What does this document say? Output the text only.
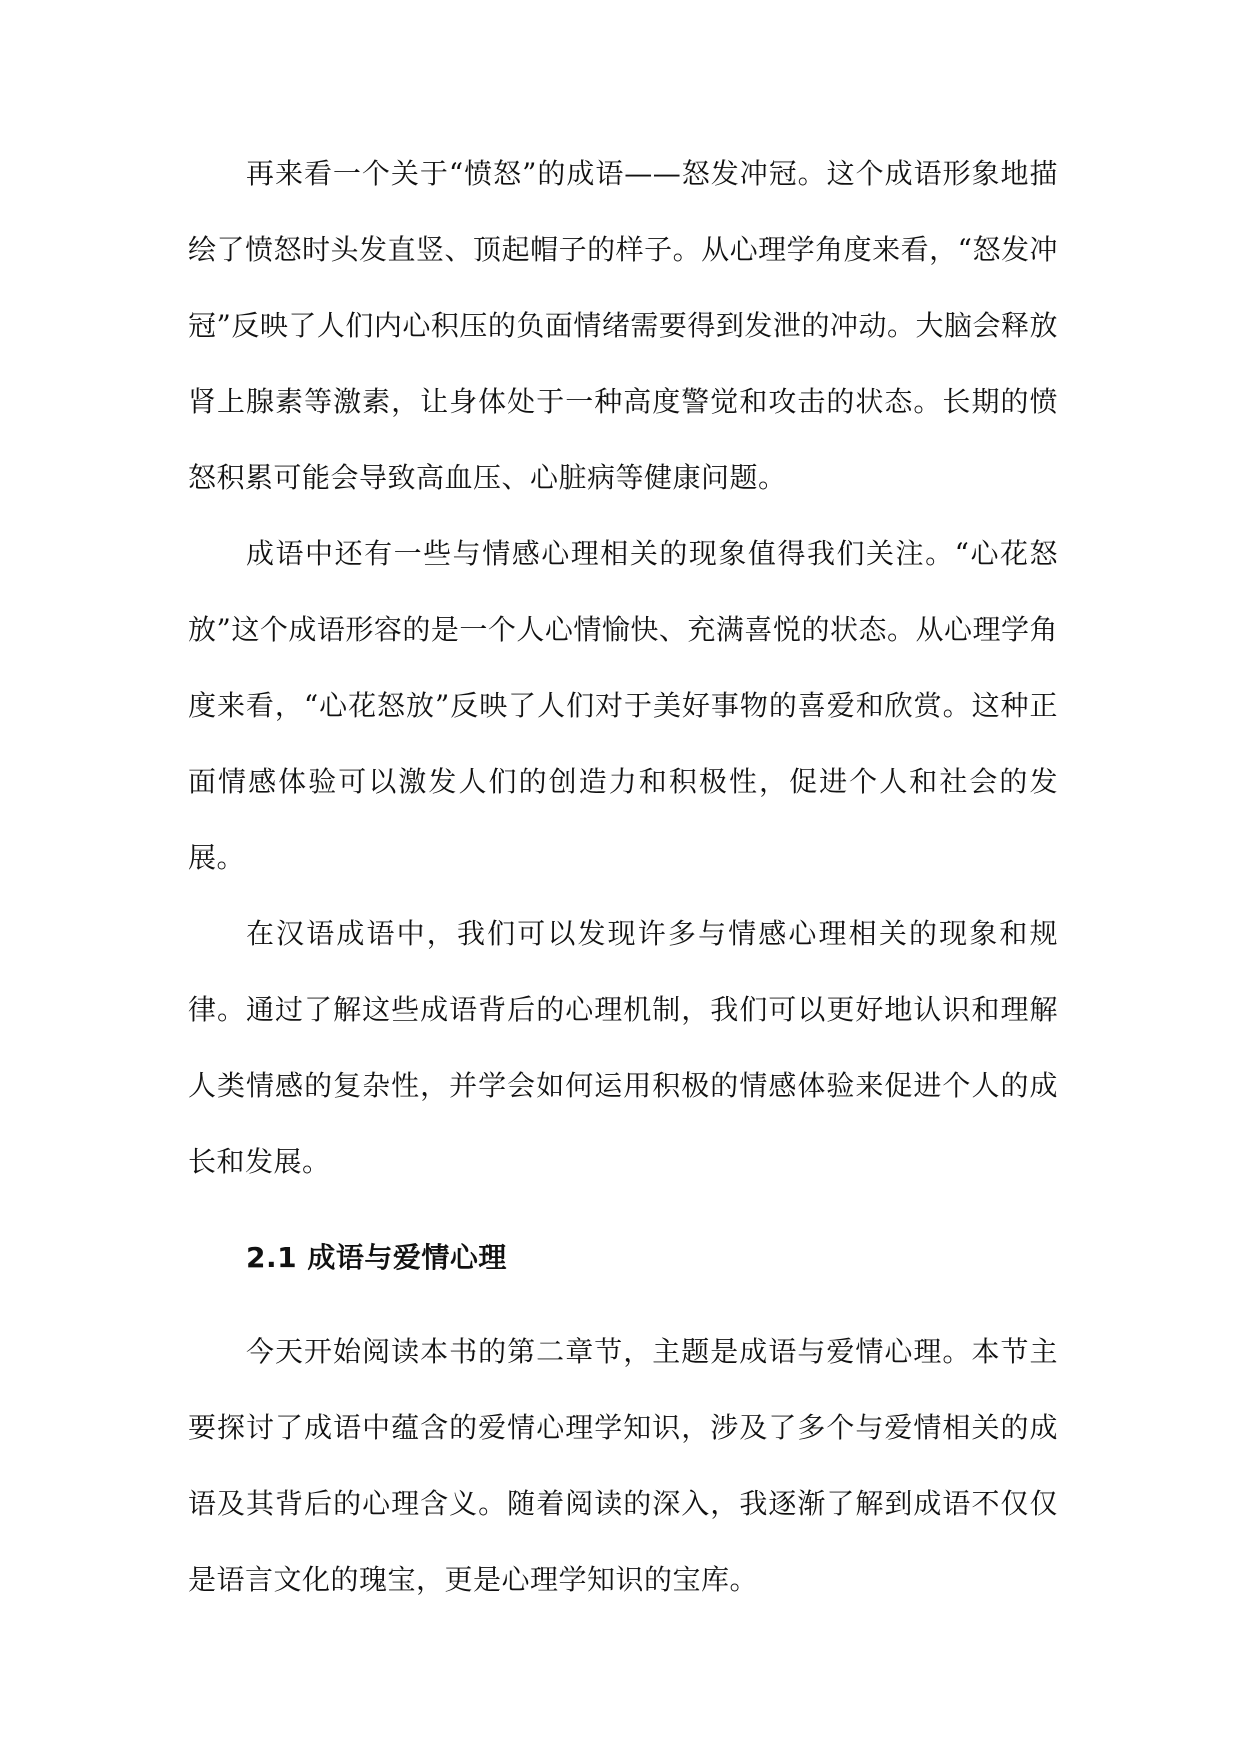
再来看一个关于“愤怒”的成语——怒发冲冠。这个成语形象地描绘了愤怒时头发直竖、顶起帽子的样子。从心理学角度来看，“怒发冲冠”反映了人们内心积压的负面情绪需要得到发泄的冲动。大脑会释放肾上腺素等激素，让身体处于一种高度警觉和攻击的状态。长期的愤怒积累可能会导致高血压、心脏病等健康问题。

成语中还有一些与情感心理相关的现象值得我们关注。“心花怒放”这个成语形容的是一个人心情愉快、充满喜悦的状态。从心理学角度来看，“心花怒放”反映了人们对于美好事物的喜爱和欣赏。这种正面情感体验可以激发人们的创造力和积极性，促进个人和社会的发展。

在汉语成语中，我们可以发现许多与情感心理相关的现象和规律。通过了解这些成语背后的心理机制，我们可以更好地认识和理解人类情感的复杂性，并学会如何运用积极的情感体验来促进个人的成长和发展。

2.1 成语与爱情心理

今天开始阅读本书的第二章节，主题是成语与爱情心理。本节主要探讨了成语中蕴含的爱情心理学知识，涉及了多个与爱情相关的成语及其背后的心理含义。随着阅读的深入，我逐渐了解到成语不仅仅是语言文化的瑰宝，更是心理学知识的宝库。
